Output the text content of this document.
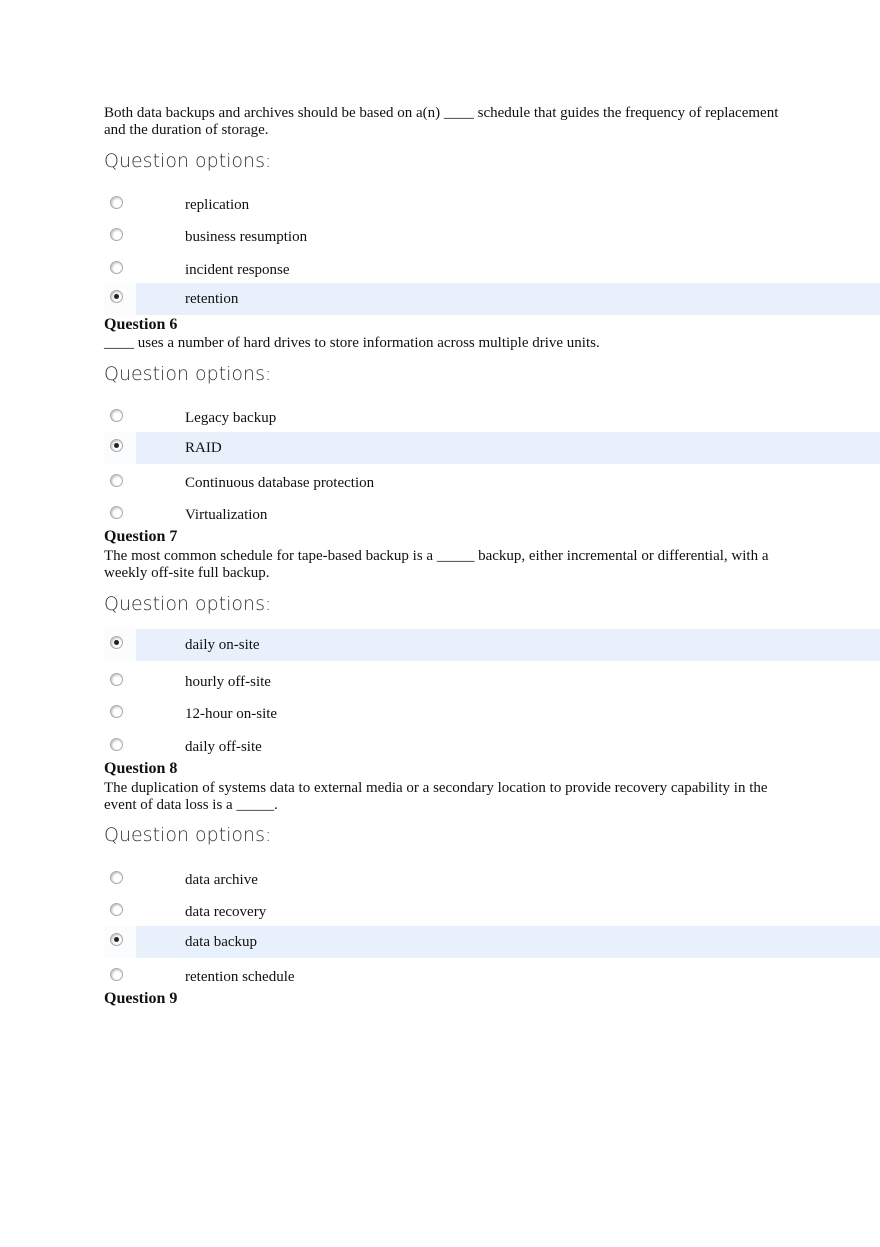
Both data backups and archives should be based on a(n) ____ schedule that guides the frequency of replacement and the duration of storage.
Question options:
replication
business resumption
incident response
retention
Question 6
____ uses a number of hard drives to store information across multiple drive units.
Question options:
Legacy backup
RAID
Continuous database protection
Virtualization
Question 7
The most common schedule for tape-based backup is a _____ backup, either incremental or differential, with a weekly off-site full backup.
Question options:
daily on-site
hourly off-site
12-hour on-site
daily off-site
Question 8
The duplication of systems data to external media or a secondary location to provide recovery capability in the event of data loss is a _____.
Question options:
data archive
data recovery
data backup
retention schedule
Question 9
